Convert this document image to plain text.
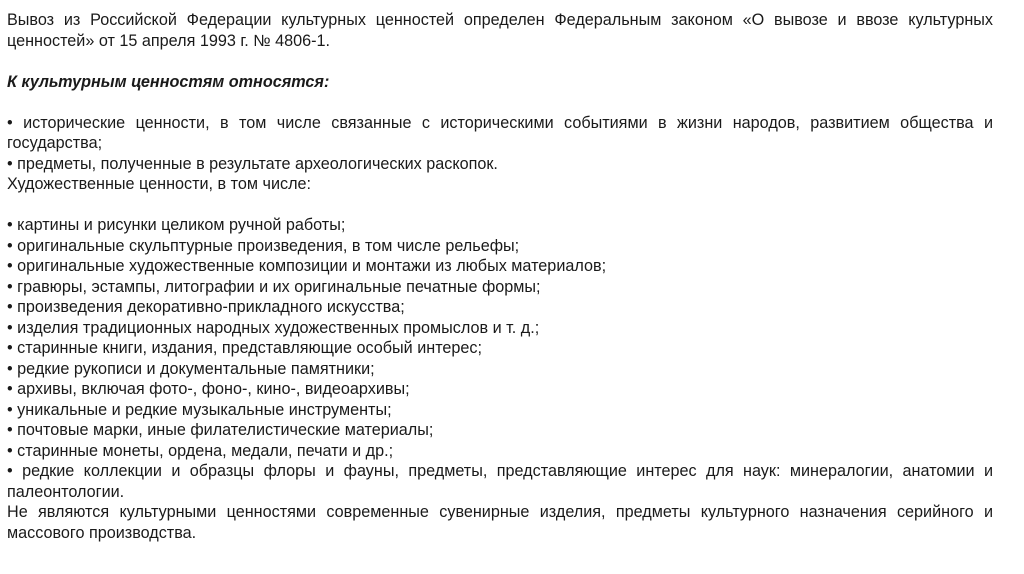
Вывоз из Российской Федерации культурных ценностей определен Федеральным законом «О вывозе и ввозе культурных ценностей» от 15 апреля 1993 г. № 4806-1.

К культурным ценностям относятся:

• исторические ценности, в том числе связанные с историческими событиями в жизни народов, развитием общества и государства;

• предметы, полученные в результате археологических раскопок.

Художественные ценности, в том числе:

• картины и рисунки целиком ручной работы;

• оригинальные скульптурные произведения, в том числе рельефы;

• оригинальные художественные композиции и монтажи из любых материалов;

• гравюры, эстампы, литографии и их оригинальные печатные формы;

• произведения декоративно-прикладного искусства;

• изделия традиционных народных художественных промыслов и т. д.;

• старинные книги, издания, представляющие особый интерес;

• редкие рукописи и документальные памятники;

• архивы, включая фото-, фоно-, кино-, видеоархивы;

• уникальные и редкие музыкальные инструменты;

• почтовые марки, иные филателистические материалы;

• старинные монеты, ордена, медали, печати и др.;

• редкие коллекции и образцы флоры и фауны, предметы, представляющие интерес для наук: минералогии, анатомии и палеонтологии.

Не являются культурными ценностями современные сувенирные изделия, предметы культурного назначения серийного и массового производства.
